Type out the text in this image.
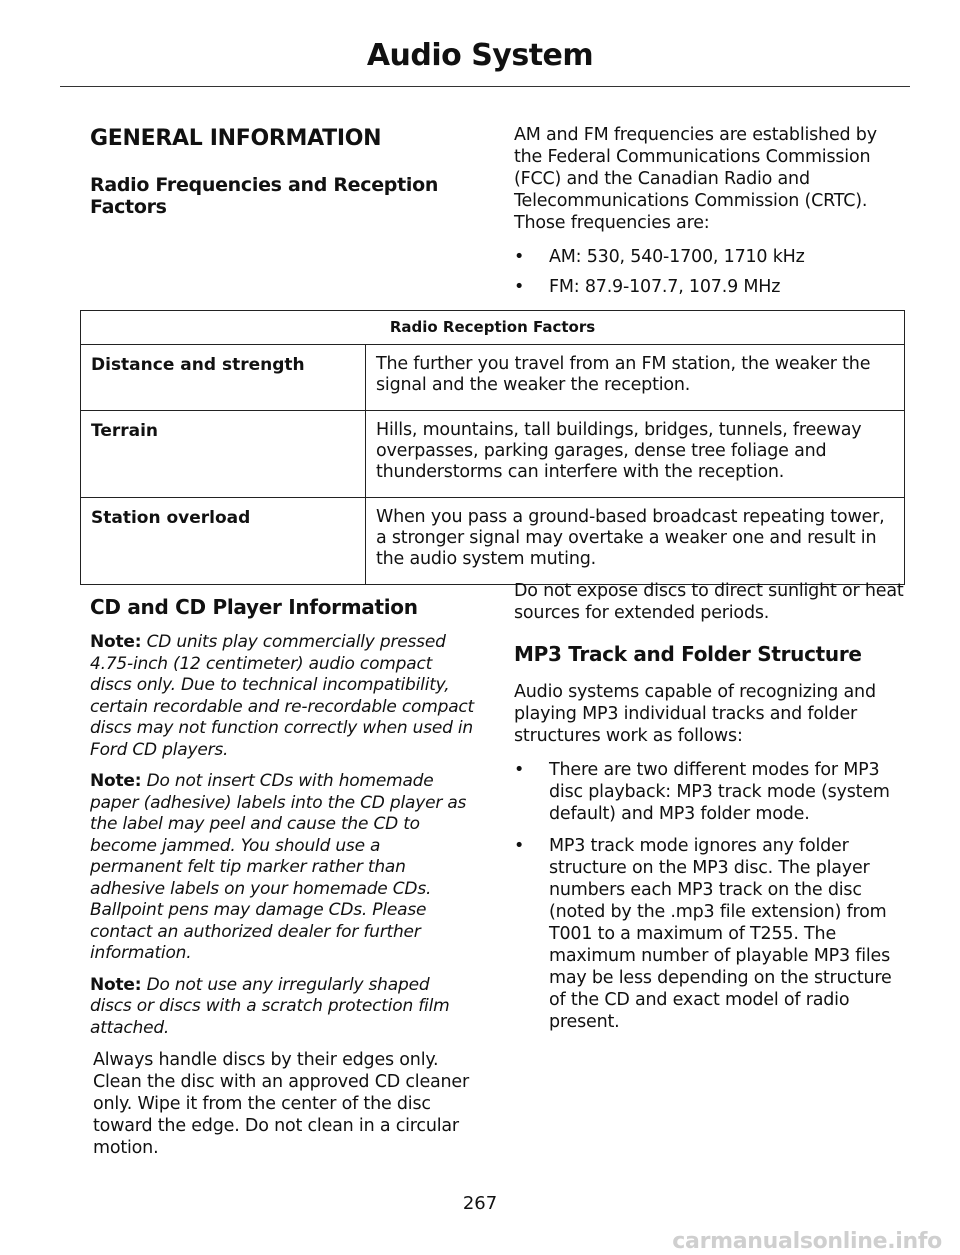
Audio System
GENERAL INFORMATION
Radio Frequencies and Reception Factors
AM and FM frequencies are established by the Federal Communications Commission (FCC) and the Canadian Radio and Telecommunications Commission (CRTC). Those frequencies are:
• AM: 530, 540-1700, 1710 kHz
• FM: 87.9-107.7, 107.9 MHz
Radio Reception Factors	
Distance and strength	The further you travel from an FM station, the weaker the signal and the weaker the reception.
Terrain	Hills, mountains, tall buildings, bridges, tunnels, freeway overpasses, parking garages, dense tree foliage and thunderstorms can interfere with the reception.
Station overload	When you pass a ground-based broadcast repeating tower, a stronger signal may overtake a weaker one and result in the audio system muting.
CD and CD Player Information

Note: CD units play commercially pressed 4.75-inch (12 centimeter) audio compact discs only. Due to technical incompatibility, certain recordable and re-recordable compact discs may not function correctly when used in Ford CD players.

Note: Do not insert CDs with homemade paper (adhesive) labels into the CD player as the label may peel and cause the CD to become jammed. You should use a permanent felt tip marker rather than adhesive labels on your homemade CDs. Ballpoint pens may damage CDs. Please contact an authorized dealer for further information.

Note: Do not use any irregularly shaped discs or discs with a scratch protection film attached.

Always handle discs by their edges only. Clean the disc with an approved CD cleaner only. Wipe it from the center of the disc toward the edge. Do not clean in a circular motion.

Do not expose discs to direct sunlight or heat sources for extended periods.

MP3 Track and Folder Structure

Audio systems capable of recognizing and playing MP3 individual tracks and folder structures work as follows:

• There are two different modes for MP3 disc playback: MP3 track mode (system default) and MP3 folder mode.
• MP3 track mode ignores any folder structure on the MP3 disc. The player numbers each MP3 track on the disc (noted by the .mp3 file extension) from T001 to a maximum of T255. The maximum number of playable MP3 files may be less depending on the structure of the CD and exact model of radio present.
267
carmanualsonline.info
